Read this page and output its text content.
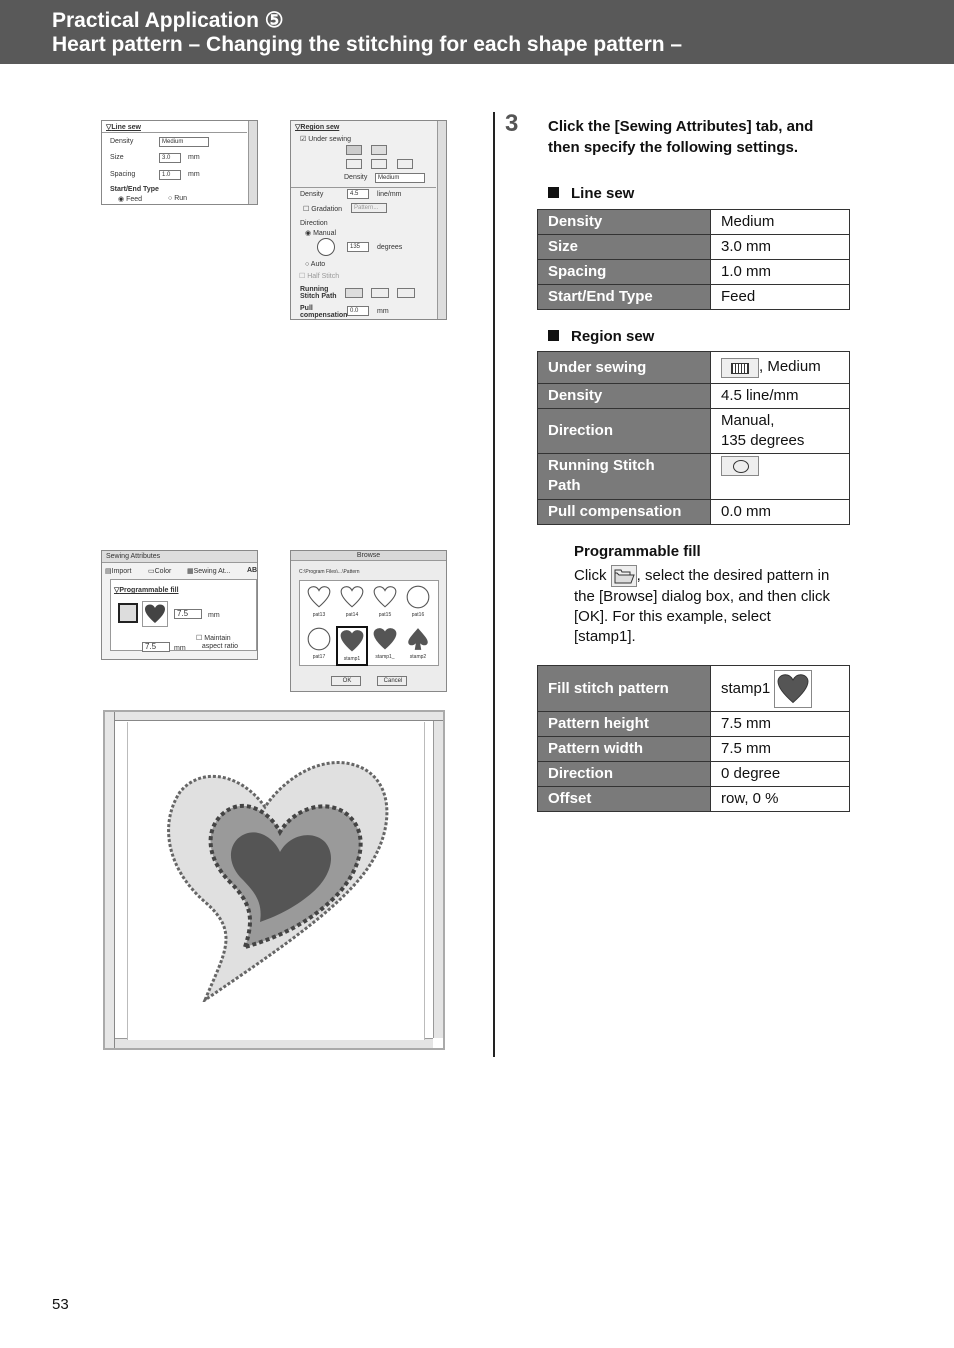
Practical Application ⑤
Heart pattern – Changing the stitching for each shape pattern –
▽Line sew
Density	Medium
Size	3.0	mm
Spacing	1.0	mm
Start/End Type
◉ Feed	○ Run
▽Region sew
☑ Under sewing
Density	Medium
Density	4.5	line/mm
☐ Gradation	Pattern...
Direction
◉ Manual
135	degrees
○ Auto
☐ Half Stitch
Running
Stitch Path
Pull
compensation
0.0	mm
Sewing Attributes
▤Import ▭Color ▦Sewing At... AB
▽Programmable fill
7.5	mm
7.5	mm
☐ Maintain
aspect ratio
Browse
C:\Program Files\...\Pattern
pat13	pat14	pat15	pat16
pat17	stamp1	stamp1_	stamp2
OK	Cancel
3 Click the [Sewing Attributes] tab, and then specify the following settings.
Line sew
Density	Medium
Size	3.0 mm
Spacing	1.0 mm
Start/End Type	Feed
Region sew
Under sewing	, Medium
Density	4.5 line/mm
Direction	Manual,
135 degrees
Running Stitch
Path	

Pull compensation	0.0 mm
Programmable fill
Click , select the desired pattern in the [Browse] dialog box, and then click [OK]. For this example, select [stamp1].
Fill stitch pattern	stamp1
Pattern height	7.5 mm
Pattern width	7.5 mm
Direction	0 degree
Offset	row, 0 %
53
